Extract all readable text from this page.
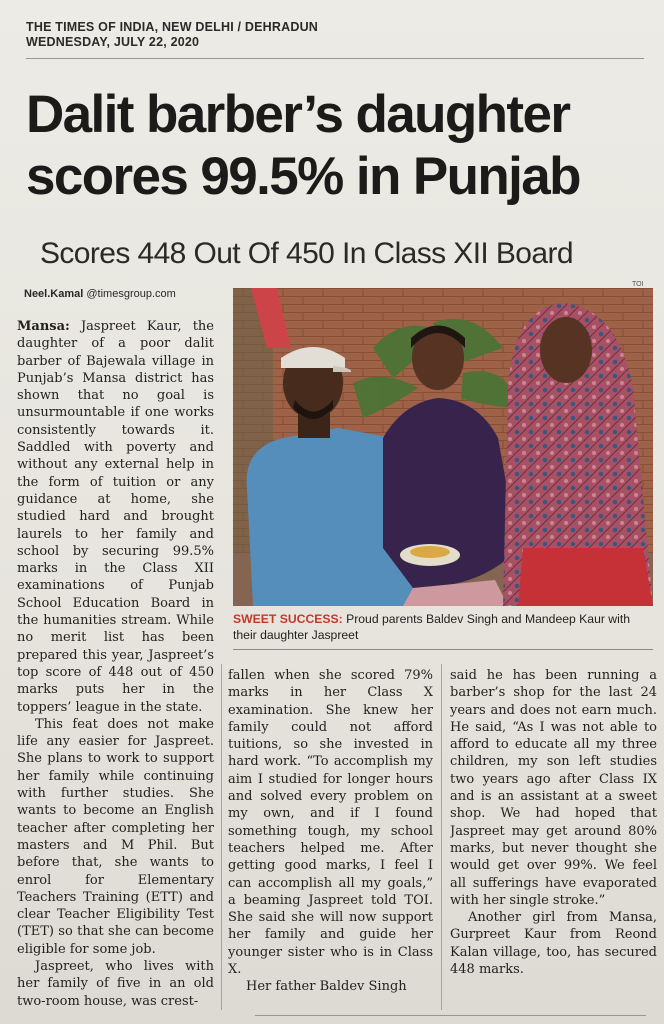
THE TIMES OF INDIA, NEW DELHI / DEHRADUN
WEDNESDAY, JULY 22, 2020
Dalit barber’s daughter
scores 99.5% in Punjab
Scores 448 Out Of 450 In Class XII Board
Neel.Kamal @timesgroup.com
TOI
SWEET SUCCESS: Proud parents Baldev Singh and Mandeep Kaur with their daughter Jaspreet

Mansa: Jaspreet Kaur, the daughter of a poor dalit barber of Bajewala village in Punjab’s Mansa district has shown that no goal is unsurmountable if one works consistently towards it. Saddled with poverty and without any external help in the form of tuition or any guidance at home, she studied hard and brought laurels to her family and school by securing 99.5% marks in the Class XII examinations of Punjab School Education Board in the humanities stream. While no merit list has been prepared this year, Jaspreet’s top score of 448 out of 450 marks puts her in the toppers’ league in the state.

This feat does not make life any easier for Jaspreet. She plans to work to support her family while continuing with further studies. She wants to become an English teacher after completing her masters and M Phil. But before that, she wants to enrol for Elementary Teachers Training (ETT) and clear Teacher Eligibility Test (TET) so that she can become eligible for some job.

Jaspreet, who lives with her family of five in an old two-room house, was crest-

fallen when she scored 79% marks in her Class X examination. She knew her family could not afford tuitions, so she invested in hard work. “To accomplish my aim I studied for longer hours and solved every problem on my own, and if I found something tough, my school teachers helped me. After getting good marks, I feel I can accomplish all my goals,” a beaming Jaspreet told TOI. She said she will now support her family and guide her younger sister who is in Class X.

Her father Baldev Singh

said he has been running a barber’s shop for the last 24 years and does not earn much. He said, “As I was not able to afford to educate all my three children, my son left studies two years ago after Class IX and is an assistant at a sweet shop. We had hoped that Jaspreet may get around 80% marks, but never thought she would get over 99%. We feel all sufferings have evaporated with her single stroke.”

Another girl from Mansa, Gurpreet Kaur from Reond Kalan village, too, has secured 448 marks.
